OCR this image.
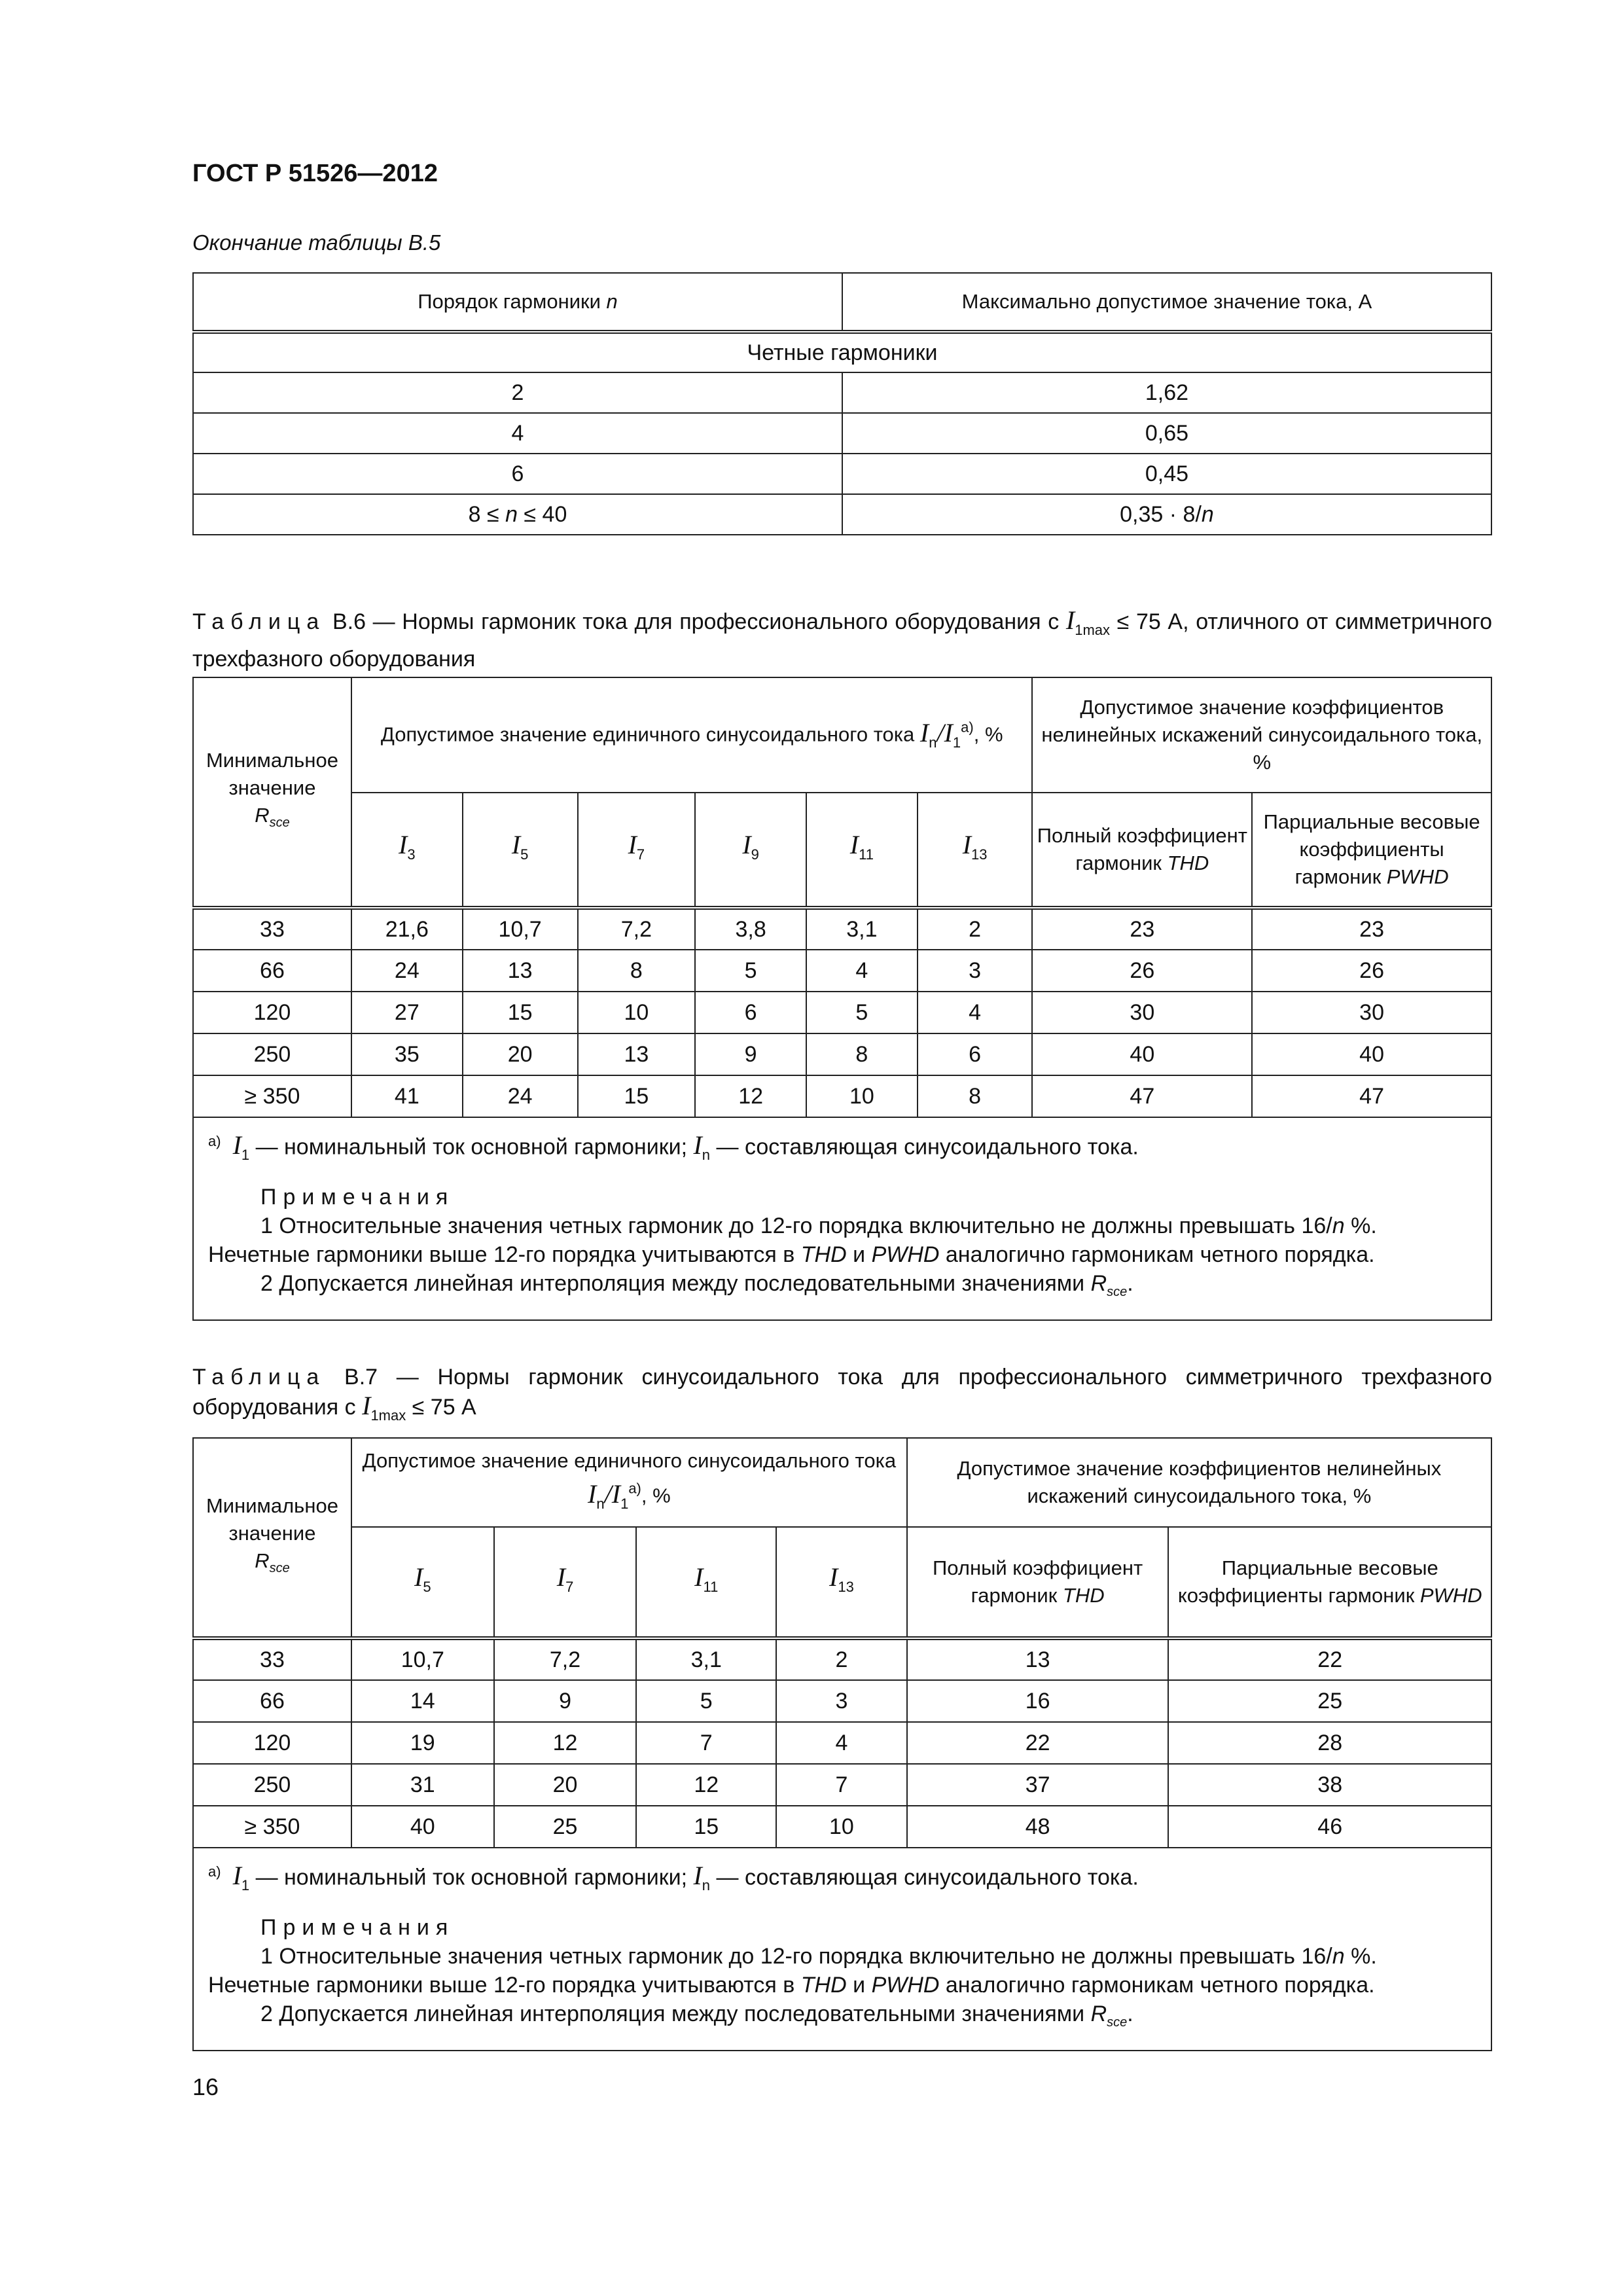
ГОСТ Р 51526—2012
Окончание таблицы В.5
Порядок гармоники n	Максимально допустимое значение тока, А
Четные гармоники	
2	1,62
4	0,65
6	0,45
8 ≤ n ≤ 40	0,35 · 8/n
Таблица В.6 — Нормы гармоник тока для профессионального оборудования с $I_{1max} \le 75$ А, отличного от симметричного трехфазного оборудования
Минимальное значение
$R_{sce}$	Допустимое значение единичного синусоидального тока $I_n/I_1^{а)}$, %						Допустимое значение коэффициентов нелинейных искажений синусоидального тока, %	
	$I_3$	$I_5$	$I_7$	$I_9$	$I_{11}$	$I_{13}$	Полный коэффициент гармоник THD	Парциальные весовые коэффициенты гармоник PWHD
33	21,6	10,7	7,2	3,8	3,1	2	23	23
66	24	13	8	5	4	3	26	26
120	27	15	10	6	5	4	30	30
250	35	20	13	9	8	6	40	40
≥ 350	41	24	15	12	10	8	47	47

$^{а)}$ $I_1$ — номинальный ток основной гармоники; $I_n$ — составляющая синусоидального тока.

Примечания

1 Относительные значения четных гармоник до 12-го порядка включительно не должны превышать 16/n %. Нечетные гармоники выше 12-го порядка учитываются в THD и PWHD аналогично гармоникам четного порядка.

2 Допускается линейная интерполяция между последовательными значениями $R_{sce}$.								

Таблица В.7 — Нормы гармоник синусоидального тока для профессионального симметричного трехфазного оборудования с $I_{1max} \le 75$ А
Минимальное значение
$R_{sce}$	Допустимое значение единичного синусоидального тока $I_n/I_1^{а)}$, %				Допустимое значение коэффициентов нелинейных искажений синусоидального тока, %	
	$I_5$	$I_7$	$I_{11}$	$I_{13}$	Полный коэффициент гармоник THD	Парциальные весовые коэффициенты гармоник PWHD
33	10,7	7,2	3,1	2	13	22
66	14	9	5	3	16	25
120	19	12	7	4	22	28
250	31	20	12	7	37	38
≥ 350	40	25	15	10	48	46

$^{а)}$ $I_1$ — номинальный ток основной гармоники; $I_n$ — составляющая синусоидального тока.

Примечания

1 Относительные значения четных гармоник до 12-го порядка включительно не должны превышать 16/n %. Нечетные гармоники выше 12-го порядка учитываются в THD и PWHD аналогично гармоникам четного порядка.

2 Допускается линейная интерполяция между последовательными значениями $R_{sce}$.						

16
